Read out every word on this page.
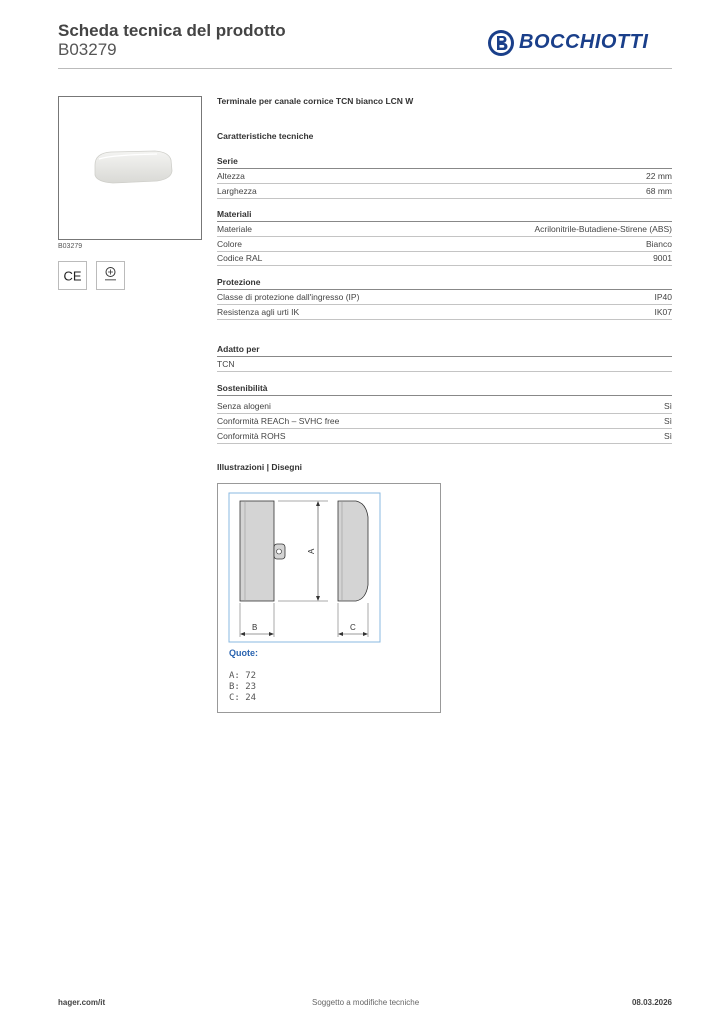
Scheda tecnica del prodotto
B03279	BOCCHIOTTI
B03279
CE
Terminale per canale cornice TCN bianco LCN W
Caratteristiche tecniche
Serie
Altezza	22 mm
Larghezza	68 mm
Materiali
Materiale	Acrilonitrile-Butadiene-Stirene (ABS)
Colore	Bianco
Codice RAL	9001
Protezione
Classe di protezione dall'ingresso (IP)	IP40
Resistenza agli urti IK	IK07
Adatto per
TCN
Sostenibilità
Senza alogeni	Sì
Conformità REACh – SVHC free	Sì
Conformità ROHS	Sì
Illustrazioni | Disegni
A
B	C
Quote:
A: 72
B: 23
C: 24
hager.com/it	Soggetto a modifiche tecniche	08.03.2026
